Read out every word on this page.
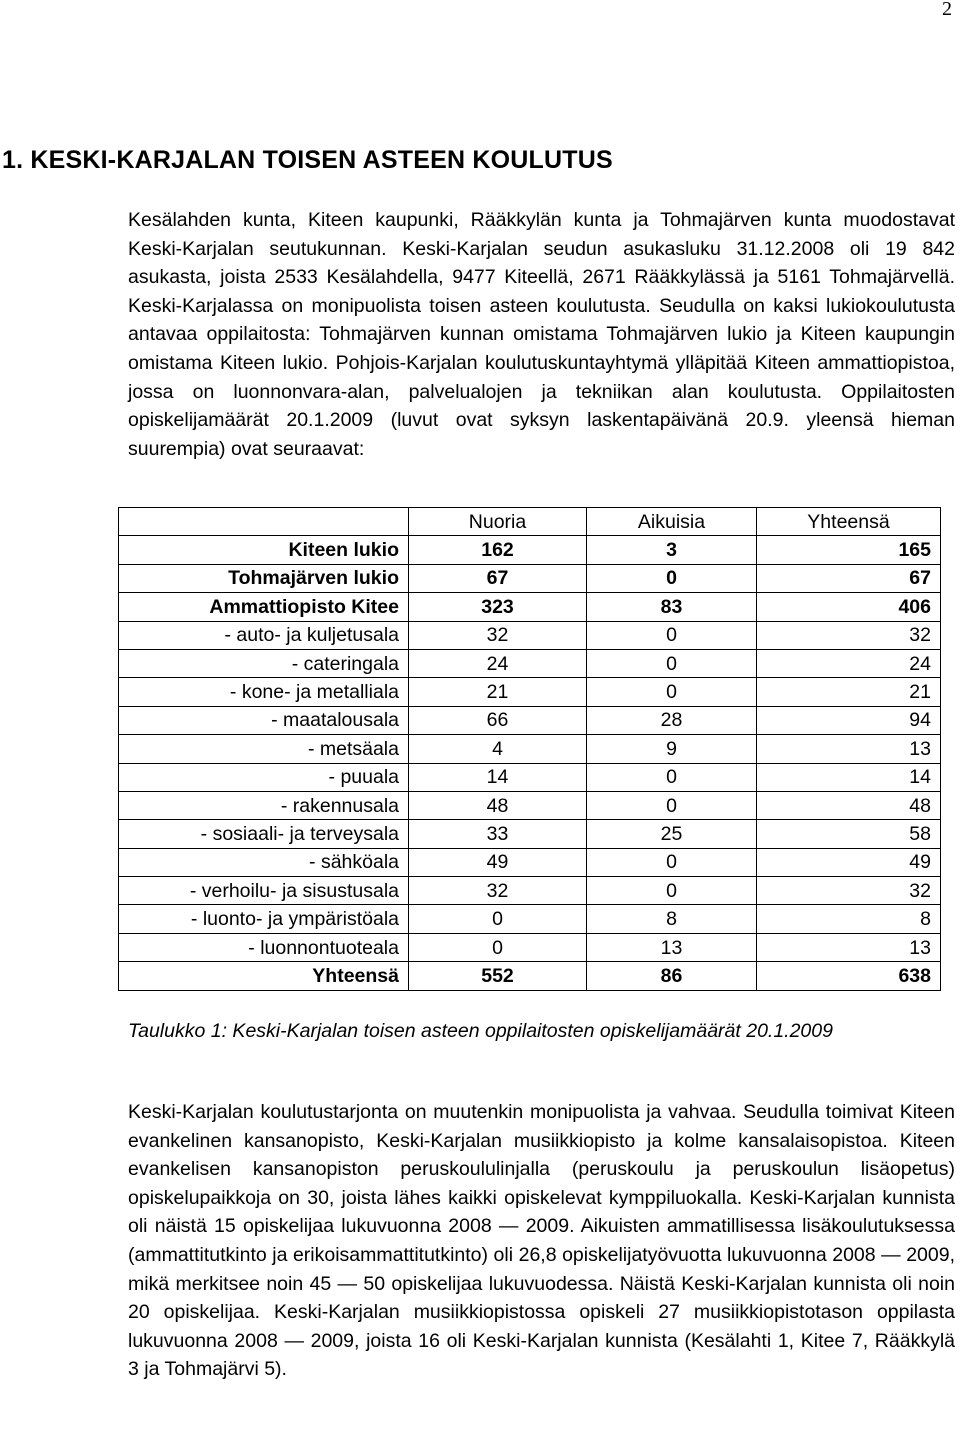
2
1. KESKI-KARJALAN TOISEN ASTEEN KOULUTUS

Kesälahden kunta, Kiteen kaupunki, Rääkkylän kunta ja Tohmajärven kunta muodostavat Keski-Karjalan seutukunnan. Keski-Karjalan seudun asukasluku 31.12.2008 oli 19 842 asukasta, joista 2533 Kesälahdella, 9477 Kiteellä, 2671 Rääkkylässä ja 5161 Tohmajärvellä. Keski-Karjalassa on monipuolista toisen asteen koulutusta. Seudulla on kaksi lukiokoulutusta antavaa oppilaitosta: Tohmajärven kunnan omistama Tohmajärven lukio ja Kiteen kaupungin omistama Kiteen lukio. Pohjois-Karjalan koulutuskuntayhtymä ylläpitää Kiteen ammattiopistoa, jossa on luonnonvara-alan, palvelualojen ja tekniikan alan koulutusta. Oppilaitosten opiskelijamäärät 20.1.2009 (luvut ovat syksyn laskentapäivänä 20.9. yleensä hieman suurempia) ovat seuraavat:

	Nuoria	Aikuisia	Yhteensä
Kiteen lukio	162	3	165
Tohmajärven lukio	67	0	67
Ammattiopisto Kitee	323	83	406
- auto- ja kuljetusala	32	0	32
- cateringala	24	0	24
- kone- ja metalliala	21	0	21
- maatalousala	66	28	94
- metsäala	4	9	13
- puuala	14	0	14
- rakennusala	48	0	48
- sosiaali- ja terveysala	33	25	58
- sähköala	49	0	49
- verhoilu- ja sisustusala	32	0	32
- luonto- ja ympäristöala	0	8	8
- luonnontuoteala	0	13	13
Yhteensä	552	86	638

Taulukko 1: Keski-Karjalan toisen asteen oppilaitosten opiskelijamäärät 20.1.2009

Keski-Karjalan koulutustarjonta on muutenkin monipuolista ja vahvaa. Seudulla toimivat Kiteen evankelinen kansanopisto, Keski-Karjalan musiikkiopisto ja kolme kansalaisopistoa. Kiteen evankelisen kansanopiston peruskoululinjalla (peruskoulu ja peruskoulun lisäopetus) opiskelupaikkoja on 30, joista lähes kaikki opiskelevat kymppiluokalla. Keski-Karjalan kunnista oli näistä 15 opiskelijaa lukuvuonna 2008 — 2009. Aikuisten ammatillisessa lisäkoulutuksessa (ammattitutkinto ja erikoisammattitutkinto) oli 26,8 opiskelijatyövuotta lukuvuonna 2008 — 2009, mikä merkitsee noin 45 — 50 opiskelijaa lukuvuodessa. Näistä Keski-Karjalan kunnista oli noin 20 opiskelijaa. Keski-Karjalan musiikkiopistossa opiskeli 27 musiikkiopistotason oppilasta lukuvuonna 2008 — 2009, joista 16 oli Keski-Karjalan kunnista (Kesälahti 1, Kitee 7, Rääkkylä 3 ja Tohmajärvi 5).
